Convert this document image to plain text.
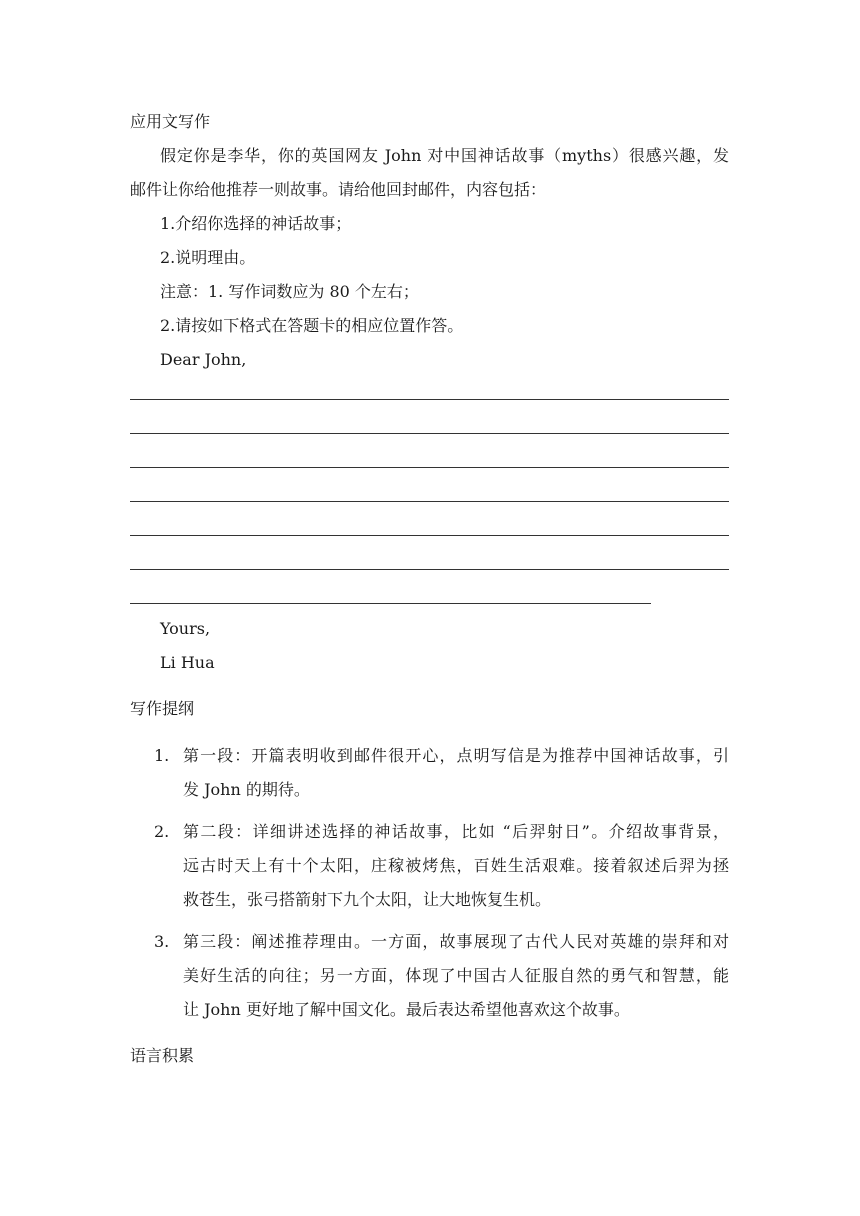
应用文写作
假定你是李华，你的英国网友 John 对中国神话故事（myths）很感兴趣，发
邮件让你给他推荐一则故事。请给他回封邮件，内容包括：
1.介绍你选择的神话故事；
2.说明理由。
注意：1. 写作词数应为 80 个左右；
2.请按如下格式在答题卡的相应位置作答。
Dear John,
Yours,
Li Hua
写作提纲
1. 第一段：开篇表明收到邮件很开心，点明写信是为推荐中国神话故事，引
发 John 的期待。
2. 第二段：详细讲述选择的神话故事，比如 “后羿射日”。介绍故事背景，
远古时天上有十个太阳，庄稼被烤焦，百姓生活艰难。接着叙述后羿为拯
救苍生，张弓搭箭射下九个太阳，让大地恢复生机。
3. 第三段：阐述推荐理由。一方面，故事展现了古代人民对英雄的崇拜和对
美好生活的向往；另一方面，体现了中国古人征服自然的勇气和智慧，能
让 John 更好地了解中国文化。最后表达希望他喜欢这个故事。
语言积累
